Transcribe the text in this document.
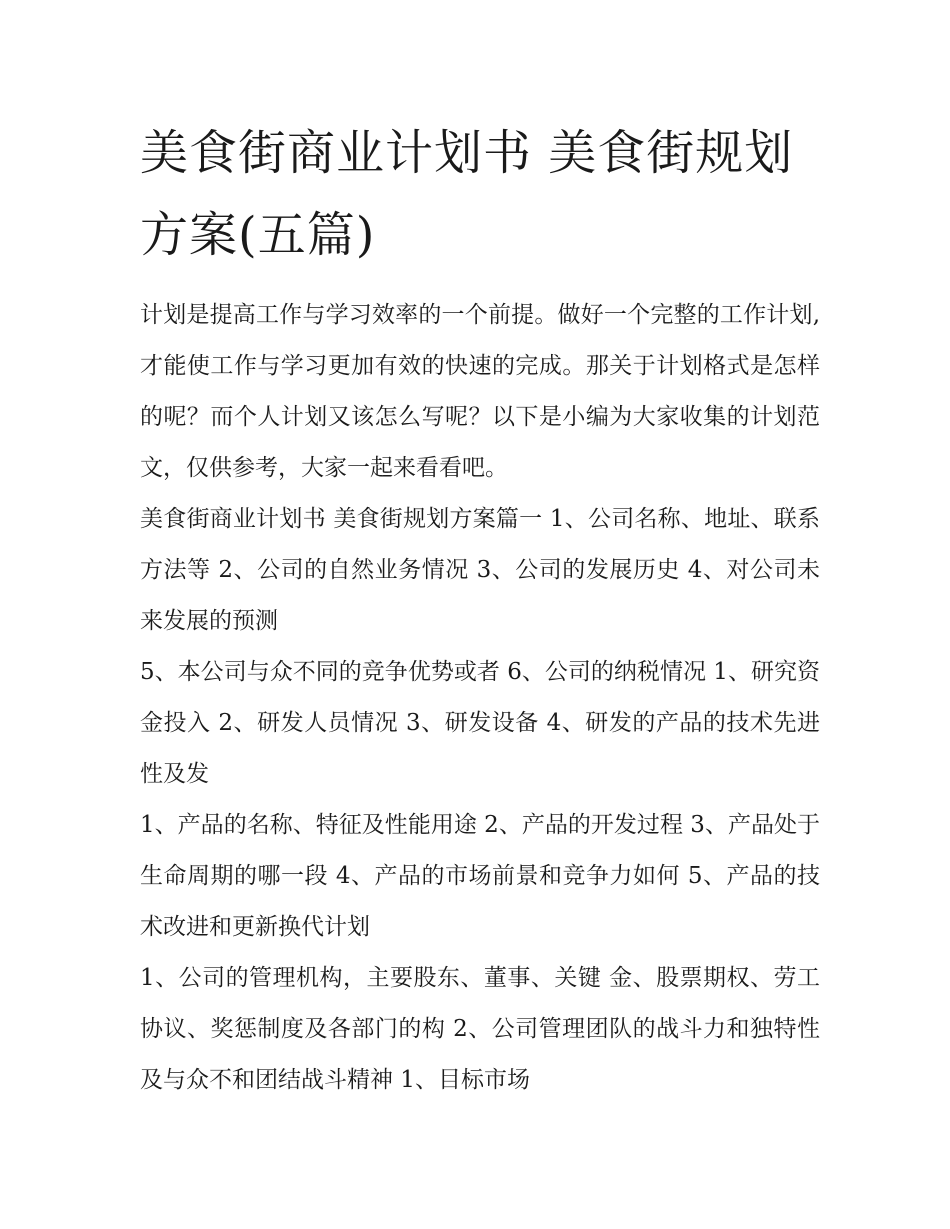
美食街商业计划书 美食街规划方案(五篇)

计划是提高工作与学习效率的一个前提。做好一个完整的工作计划,才能使工作与学习更加有效的快速的完成。那关于计划格式是怎样的呢？而个人计划又该怎么写呢？以下是小编为大家收集的计划范文，仅供参考，大家一起来看看吧。

美食街商业计划书 美食街规划方案篇一 1、公司名称、地址、联系方法等 2、公司的自然业务情况 3、公司的发展历史 4、对公司未来发展的预测

5、本公司与众不同的竞争优势或者 6、公司的纳税情况 1、研究资金投入 2、研发人员情况 3、研发设备 4、研发的产品的技术先进性及发

1、产品的名称、特征及性能用途 2、产品的开发过程 3、产品处于生命周期的哪一段 4、产品的市场前景和竞争力如何 5、产品的技术改进和更新换代计划

1、公司的管理机构，主要股东、董事、关键 金、股票期权、劳工协议、奖惩制度及各部门的构 2、公司管理团队的战斗力和独特性及与众不和团结战斗精神 1、目标市场
